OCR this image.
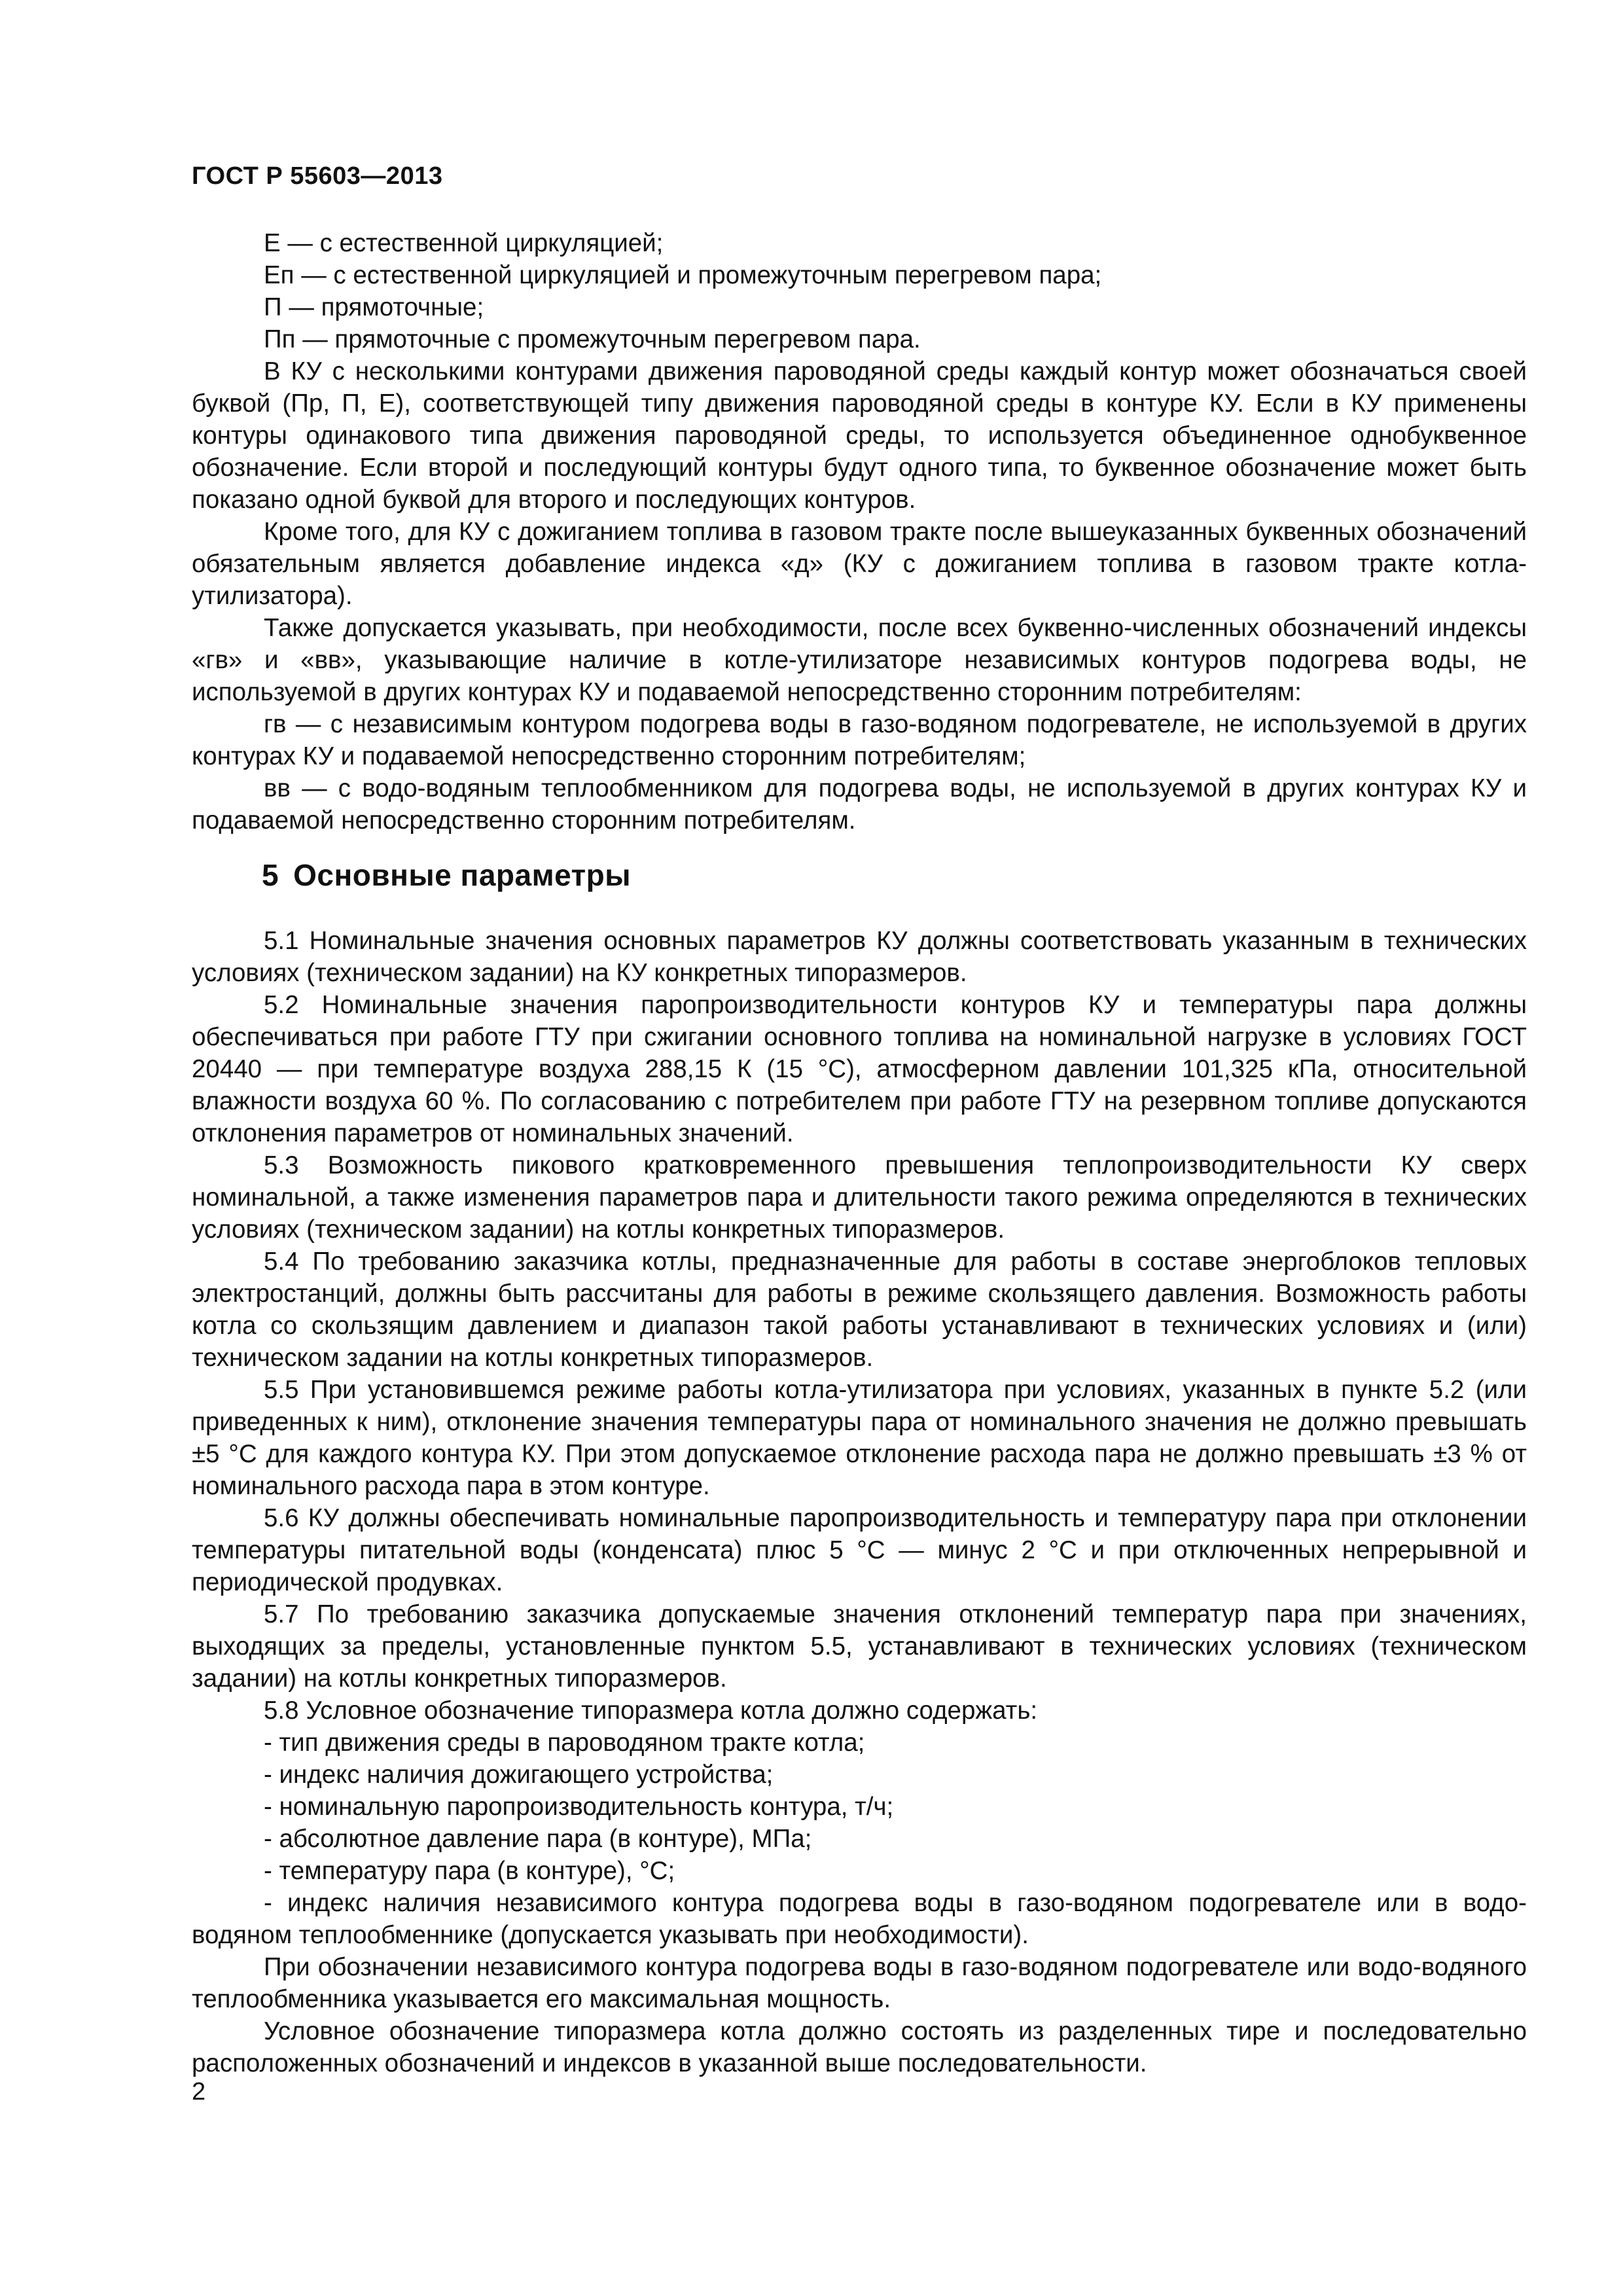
ГОСТ Р 55603—2013

Е — с естественной циркуляцией;

Еп — с естественной циркуляцией и промежуточным перегревом пара;

П — прямоточные;

Пп — прямоточные с промежуточным перегревом пара.

В КУ с несколькими контурами движения пароводяной среды каждый контур может обозначаться своей буквой (Пр, П, Е), соответствующей типу движения пароводяной среды в контуре КУ. Если в КУ применены контуры одинакового типа движения пароводяной среды, то используется объединенное однобуквенное обозначение. Если второй и последующий контуры будут одного типа, то буквенное обозначение может быть показано одной буквой для второго и последующих контуров.

Кроме того, для КУ с дожиганием топлива в газовом тракте после вышеуказанных буквенных обозначений обязательным является добавление индекса «д» (КУ с дожиганием топлива в газовом тракте котла-утилизатора).

Также допускается указывать, при необходимости, после всех буквенно-численных обозначений индексы «гв» и «вв», указывающие наличие в котле-утилизаторе независимых контуров подогрева воды, не используемой в других контурах КУ и подаваемой непосредственно сторонним потребителям:

гв — с независимым контуром подогрева воды в газо-водяном подогревателе, не используемой в других контурах КУ и подаваемой непосредственно сторонним потребителям;

вв — с водо-водяным теплообменником для подогрева воды, не используемой в других контурах КУ и подаваемой непосредственно сторонним потребителям.

5 Основные параметры

5.1 Номинальные значения основных параметров КУ должны соответствовать указанным в технических условиях (техническом задании) на КУ конкретных типоразмеров.

5.2 Номинальные значения паропроизводительности контуров КУ и температуры пара должны обеспечиваться при работе ГТУ при сжигании основного топлива на номинальной нагрузке в условиях ГОСТ 20440 — при температуре воздуха 288,15 К (15 °С), атмосферном давлении 101,325 кПа, относительной влажности воздуха 60 %. По согласованию с потребителем при работе ГТУ на резервном топливе допускаются отклонения параметров от номинальных значений.

5.3 Возможность пикового кратковременного превышения теплопроизводительности КУ сверх номинальной, а также изменения параметров пара и длительности такого режима определяются в технических условиях (техническом задании) на котлы конкретных типоразмеров.

5.4 По требованию заказчика котлы, предназначенные для работы в составе энергоблоков тепловых электростанций, должны быть рассчитаны для работы в режиме скользящего давления. Возможность работы котла со скользящим давлением и диапазон такой работы устанавливают в технических условиях и (или) техническом задании на котлы конкретных типоразмеров.

5.5 При установившемся режиме работы котла-утилизатора при условиях, указанных в пункте 5.2 (или приведенных к ним), отклонение значения температуры пара от номинального значения не должно превышать ±5 °С для каждого контура КУ. При этом допускаемое отклонение расхода пара не должно превышать ±3 % от номинального расхода пара в этом контуре.

5.6 КУ должны обеспечивать номинальные паропроизводительность и температуру пара при отклонении температуры питательной воды (конденсата) плюс 5 °С — минус 2 °С и при отключенных непрерывной и периодической продувках.

5.7 По требованию заказчика допускаемые значения отклонений температур пара при значениях, выходящих за пределы, установленные пунктом 5.5, устанавливают в технических условиях (техническом задании) на котлы конкретных типоразмеров.

5.8 Условное обозначение типоразмера котла должно содержать:

- тип движения среды в пароводяном тракте котла;

- индекс наличия дожигающего устройства;

- номинальную паропроизводительность контура, т/ч;

- абсолютное давление пара (в контуре), МПа;

- температуру пара (в контуре), °С;

- индекс наличия независимого контура подогрева воды в газо-водяном подогревателе или в водо-водяном теплообменнике (допускается указывать при необходимости).

При обозначении независимого контура подогрева воды в газо-водяном подогревателе или водо-водяного теплообменника указывается его максимальная мощность.

Условное обозначение типоразмера котла должно состоять из разделенных тире и последовательно расположенных обозначений и индексов в указанной выше последовательности.

2
